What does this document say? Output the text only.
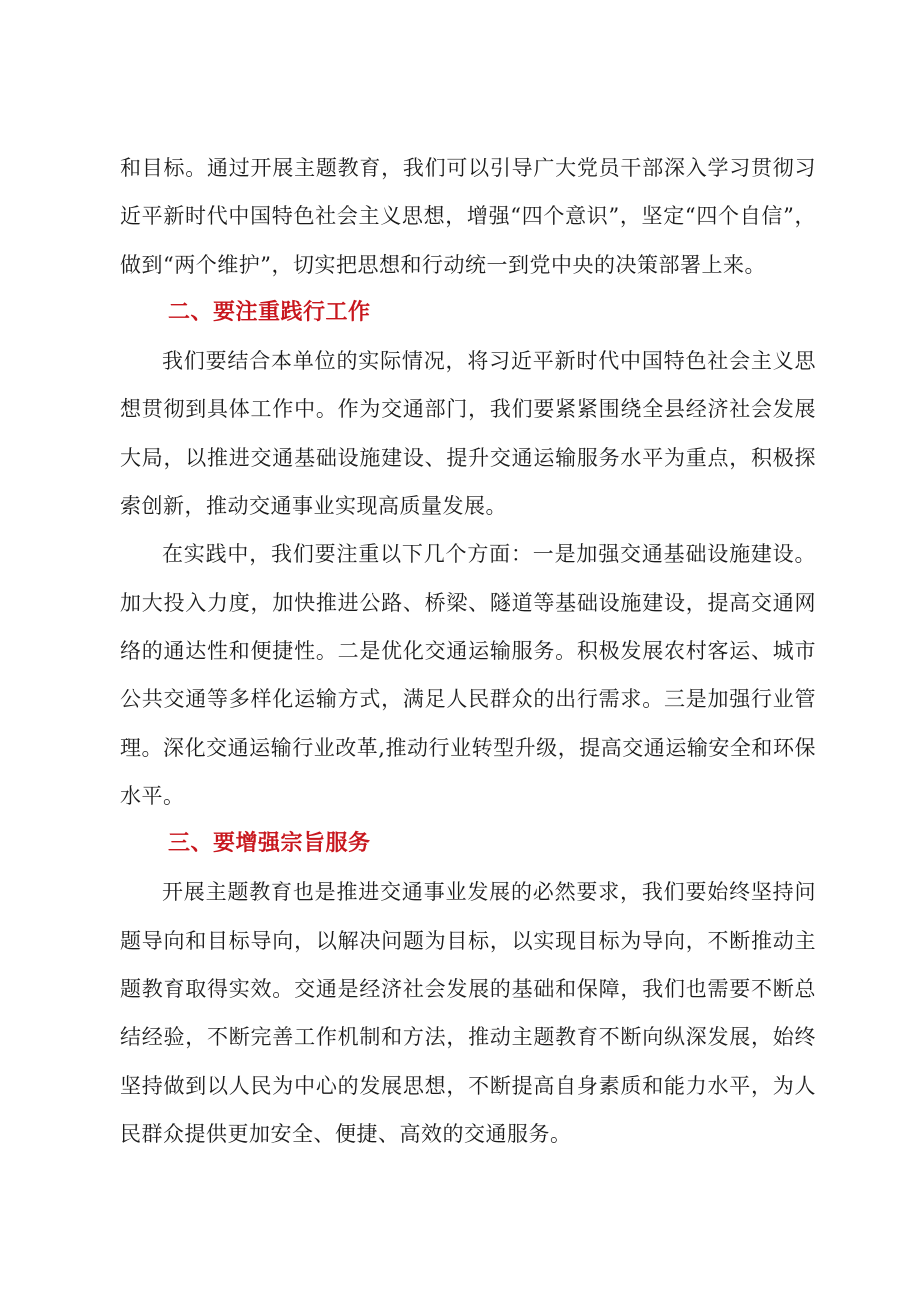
和目标。通过开展主题教育，我们可以引导广大党员干部深入学习贯彻习近平新时代中国特色社会主义思想，增强“四个意识”，坚定“四个自信”，做到“两个维护”，切实把思想和行动统一到党中央的决策部署上来。

二、要注重践行工作

我们要结合本单位的实际情况，将习近平新时代中国特色社会主义思想贯彻到具体工作中。作为交通部门，我们要紧紧围绕全县经济社会发展大局，以推进交通基础设施建设、提升交通运输服务水平为重点，积极探索创新，推动交通事业实现高质量发展。

在实践中，我们要注重以下几个方面：一是加强交通基础设施建设。加大投入力度，加快推进公路、桥梁、隧道等基础设施建设，提高交通网络的通达性和便捷性。二是优化交通运输服务。积极发展农村客运、城市公共交通等多样化运输方式，满足人民群众的出行需求。三是加强行业管理。深化交通运输行业改革,推动行业转型升级，提高交通运输安全和环保水平。

三、要增强宗旨服务

开展主题教育也是推进交通事业发展的必然要求，我们要始终坚持问题导向和目标导向，以解决问题为目标，以实现目标为导向，不断推动主题教育取得实效。交通是经济社会发展的基础和保障，我们也需要不断总结经验，不断完善工作机制和方法，推动主题教育不断向纵深发展，始终坚持做到以人民为中心的发展思想，不断提高自身素质和能力水平，为人民群众提供更加安全、便捷、高效的交通服务。
